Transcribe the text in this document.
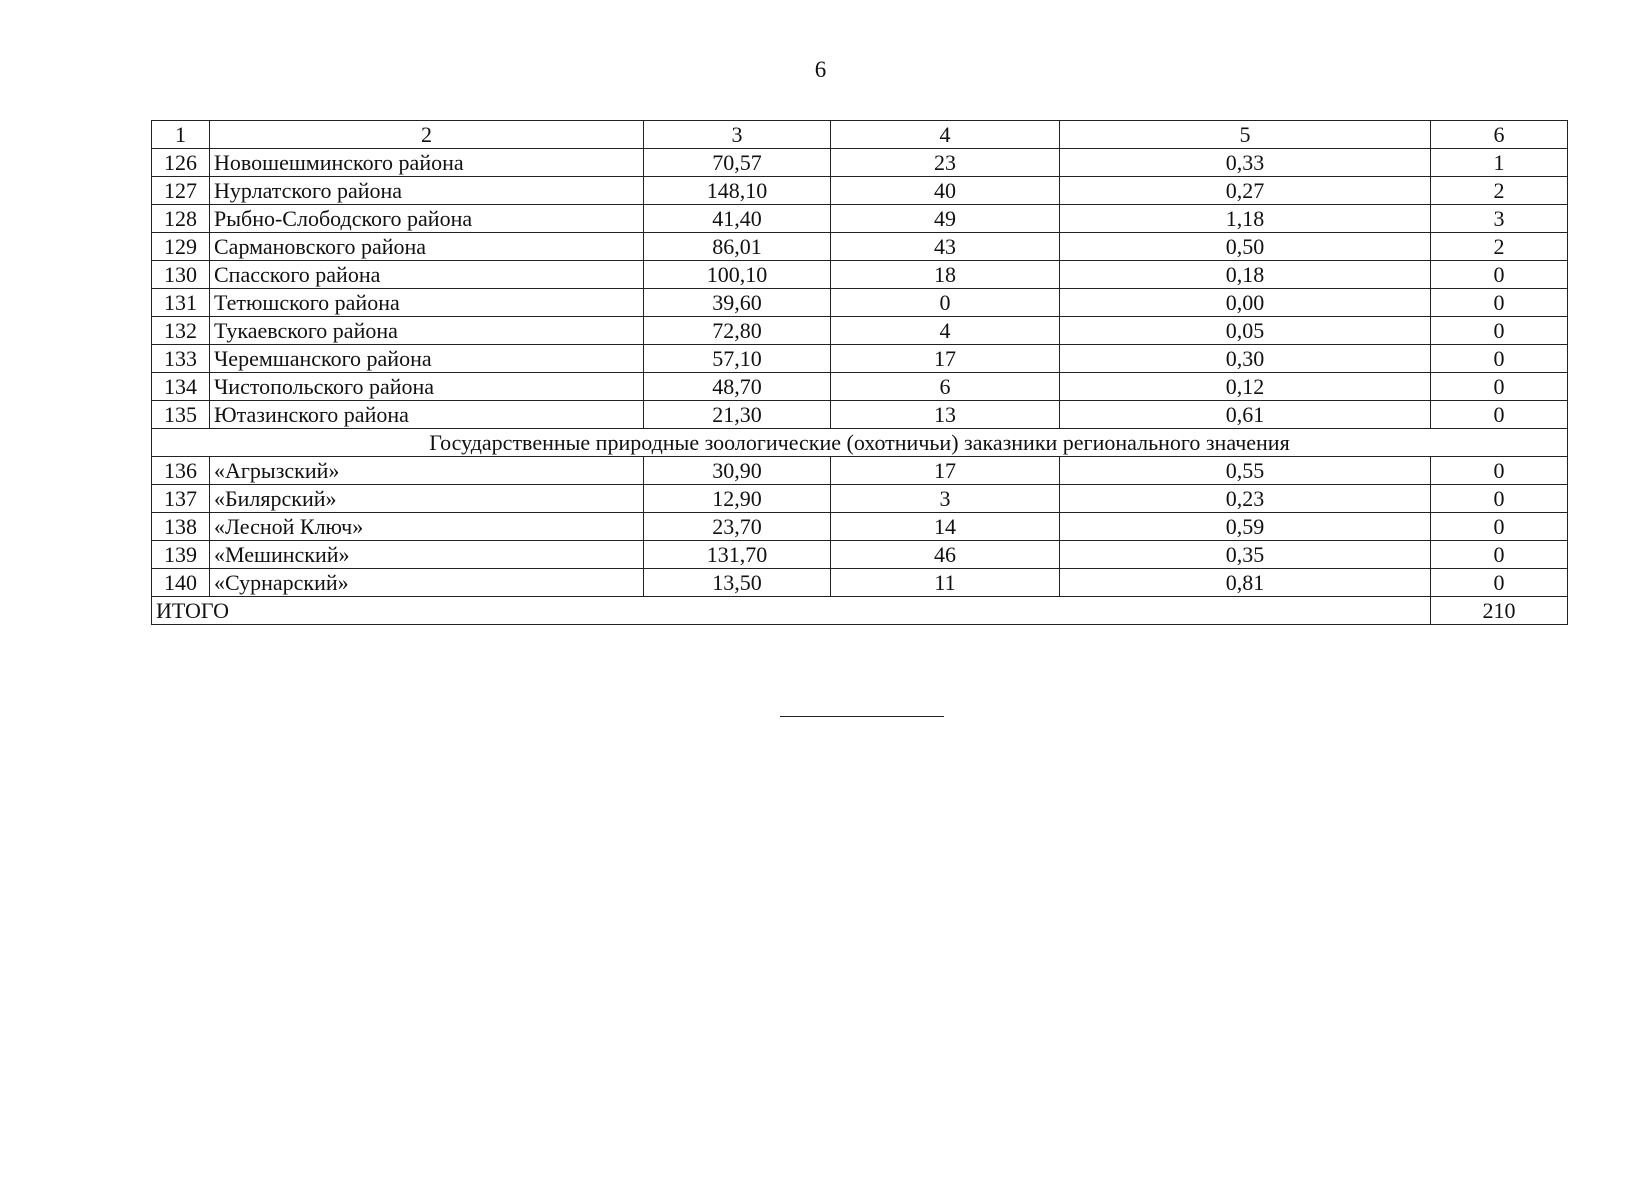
6
1	2	3	4	5	6
126	Новошешминского района	70,57	23	0,33	1
127	Нурлатского района	148,10	40	0,27	2
128	Рыбно-Слободского района	41,40	49	1,18	3
129	Сармановского района	86,01	43	0,50	2
130	Спасского района	100,10	18	0,18	0
131	Тетюшского района	39,60	0	0,00	0
132	Тукаевского района	72,80	4	0,05	0
133	Черемшанского района	57,10	17	0,30	0
134	Чистопольского района	48,70	6	0,12	0
135	Ютазинского района	21,30	13	0,61	0
Государственные природные зоологические (охотничьи) заказники регионального значения					
136	«Агрызский»	30,90	17	0,55	0
137	«Билярский»	12,90	3	0,23	0
138	«Лесной Ключ»	23,70	14	0,59	0
139	«Мешинский»	131,70	46	0,35	0
140	«Сурнарский»	13,50	11	0,81	0
ИТОГО					210
